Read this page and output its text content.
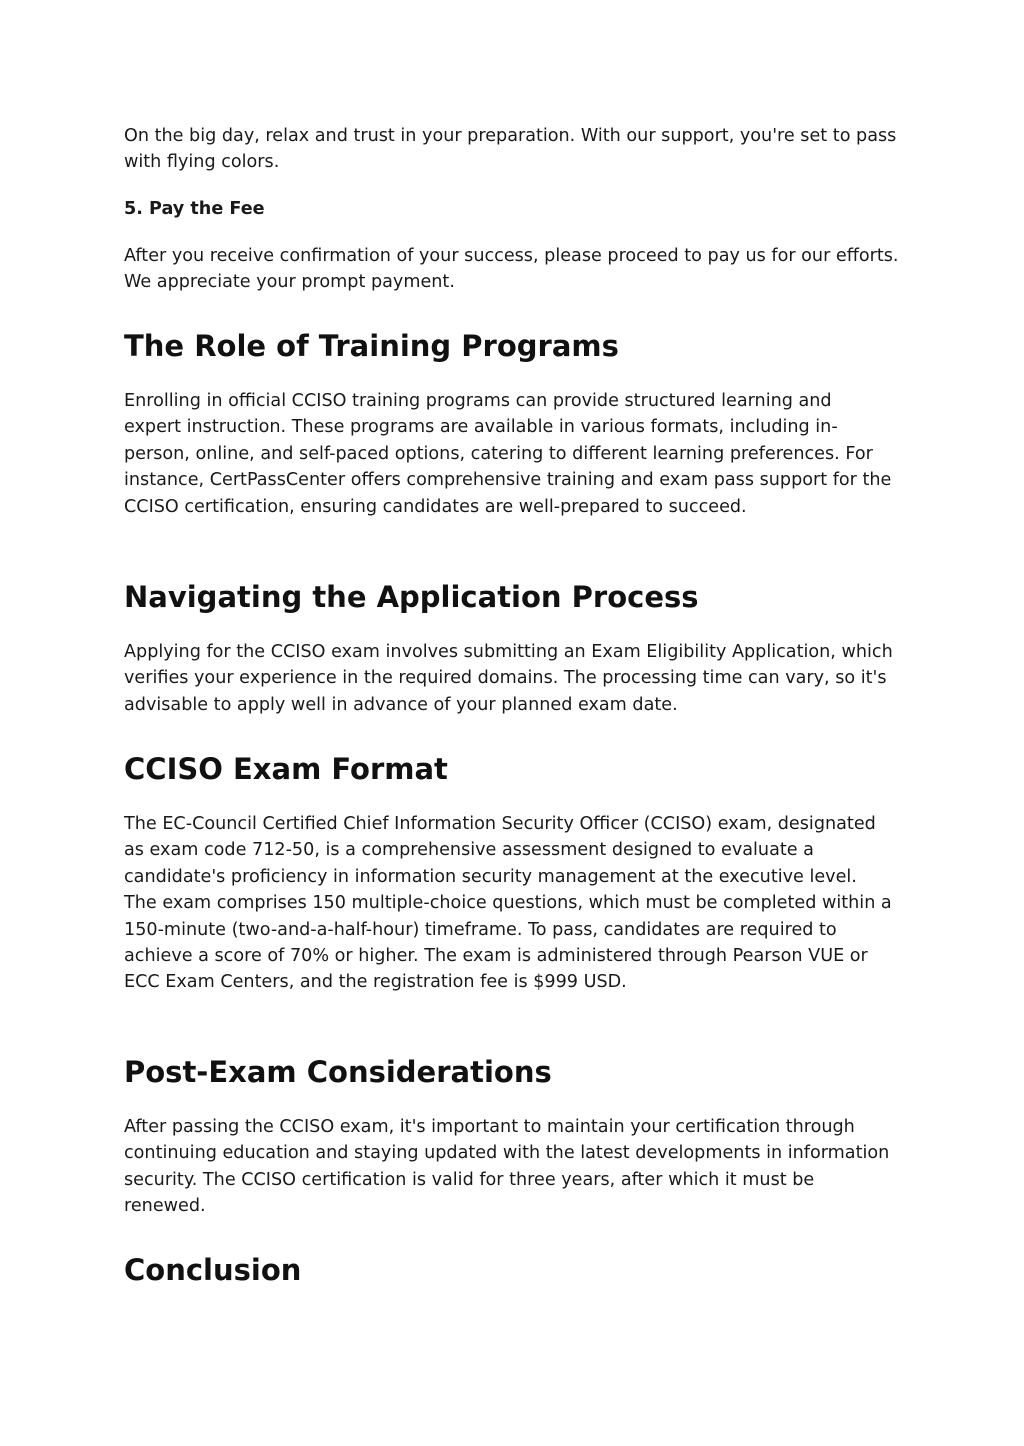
On the big day, relax and trust in your preparation. With our support, you're set to pass with flying colors.

5. Pay the Fee

After you receive confirmation of your success, please proceed to pay us for our efforts. We appreciate your prompt payment.

The Role of Training Programs

Enrolling in official CCISO training programs can provide structured learning and expert instruction. These programs are available in various formats, including in-person, online, and self-paced options, catering to different learning preferences. For instance, CertPassCenter offers comprehensive training and exam pass support for the CCISO certification, ensuring candidates are well-prepared to succeed.

Navigating the Application Process

Applying for the CCISO exam involves submitting an Exam Eligibility Application, which verifies your experience in the required domains. The processing time can vary, so it's advisable to apply well in advance of your planned exam date.

CCISO Exam Format

The EC-Council Certified Chief Information Security Officer (CCISO) exam, designated as exam code 712-50, is a comprehensive assessment designed to evaluate a candidate's proficiency in information security management at the executive level. The exam comprises 150 multiple-choice questions, which must be completed within a 150-minute (two-and-a-half-hour) timeframe. To pass, candidates are required to achieve a score of 70% or higher. The exam is administered through Pearson VUE or ECC Exam Centers, and the registration fee is $999 USD.

Post-Exam Considerations

After passing the CCISO exam, it's important to maintain your certification through continuing education and staying updated with the latest developments in information security. The CCISO certification is valid for three years, after which it must be renewed.

Conclusion
